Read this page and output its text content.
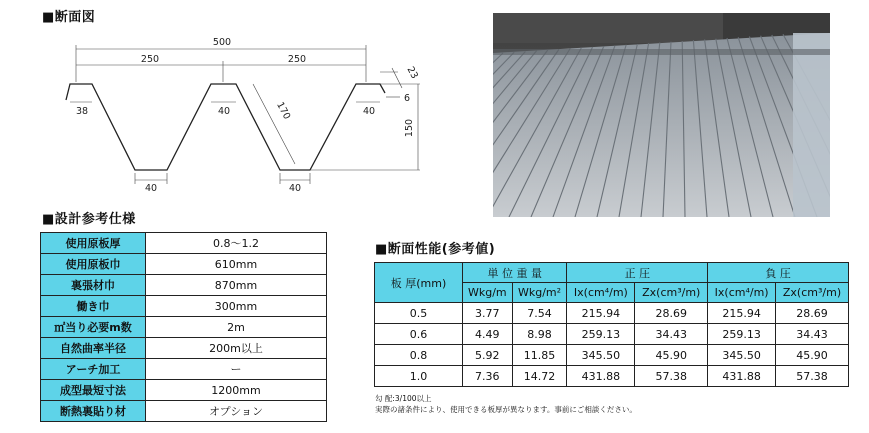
■断面図
500
250	250
38	40	40
40	40
170
150
23
6
■設計参考仕様
使用原板厚	0.8〜1.2
使用原板巾	610mm
裏張材巾	870mm
働き巾	300mm
㎡当り必要m数	2m
自然曲率半径	200m以上
アーチ加工	ー
成型最短寸法	1200mm
断熱裏貼り材	オプション
■断面性能(参考値)
板 厚(mm)	単 位 重 量		正 圧		負 圧	
	Wkg/m	Wkg/m²	Ix(cm⁴/m)	Zx(cm³/m)	Ix(cm⁴/m)	Zx(cm³/m)
0.5	3.77	7.54	215.94	28.69	215.94	28.69
0.6	4.49	8.98	259.13	34.43	259.13	34.43
0.8	5.92	11.85	345.50	45.90	345.50	45.90
1.0	7.36	14.72	431.88	57.38	431.88	57.38
勾 配:3/100以上
実際の諸条件により、使用できる板厚が異なります。事前にご相談ください。
